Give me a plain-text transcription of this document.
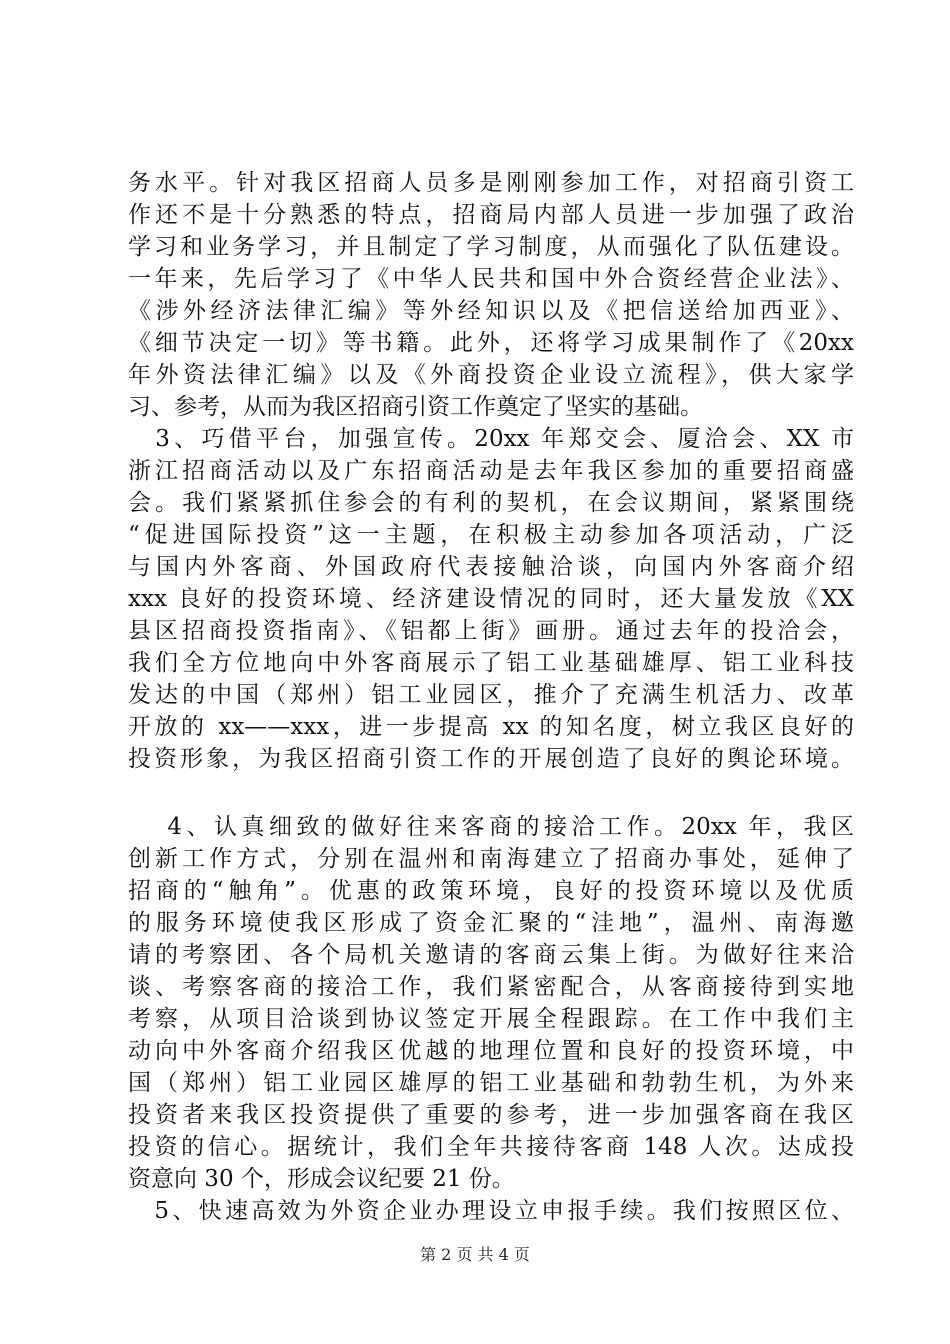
务水平。针对我区招商人员多是刚刚参加工作，对招商引资工
作还不是十分熟悉的特点，招商局内部人员进一步加强了政治
学习和业务学习，并且制定了学习制度，从而强化了队伍建设。
一年来，先后学习了《中华人民共和国中外合资经营企业法》、
《涉外经济法律汇编》等外经知识以及《把信送给加西亚》、
《细节决定一切》等书籍。此外，还将学习成果制作了《20xx
年外资法律汇编》以及《外商投资企业设立流程》，供大家学
习、参考，从而为我区招商引资工作奠定了坚实的基础。
　3、巧借平台，加强宣传。20xx 年郑交会、厦洽会、XX 市
浙江招商活动以及广东招商活动是去年我区参加的重要招商盛
会。我们紧紧抓住参会的有利的契机，在会议期间，紧紧围绕
“促进国际投资”这一主题，在积极主动参加各项活动，广泛
与国内外客商、外国政府代表接触洽谈，向国内外客商介绍
xxx 良好的投资环境、经济建设情况的同时，还大量发放《XX
县区招商投资指南》、《铝都上街》画册。通过去年的投洽会，
我们全方位地向中外客商展示了铝工业基础雄厚、铝工业科技
发达的中国（郑州）铝工业园区，推介了充满生机活力、改革
开放的 xx——xxx，进一步提高 xx 的知名度，树立我区良好的
投资形象，为我区招商引资工作的开展创造了良好的舆论环境。
　 4、认真细致的做好往来客商的接洽工作。20xx 年，我区
创新工作方式，分别在温州和南海建立了招商办事处，延伸了
招商的“触角”。优惠的政策环境，良好的投资环境以及优质
的服务环境使我区形成了资金汇聚的“洼地”，温州、南海邀
请的考察团、各个局机关邀请的客商云集上街。为做好往来洽
谈、考察客商的接洽工作，我们紧密配合，从客商接待到实地
考察，从项目洽谈到协议签定开展全程跟踪。在工作中我们主
动向中外客商介绍我区优越的地理位置和良好的投资环境，中
国（郑州）铝工业园区雄厚的铝工业基础和勃勃生机，为外来
投资者来我区投资提供了重要的参考，进一步加强客商在我区
投资的信心。据统计，我们全年共接待客商 148 人次。达成投
资意向 30 个，形成会议纪要 21 份。
　5、快速高效为外资企业办理设立申报手续。我们按照区位、
第 2 页 共 4 页
